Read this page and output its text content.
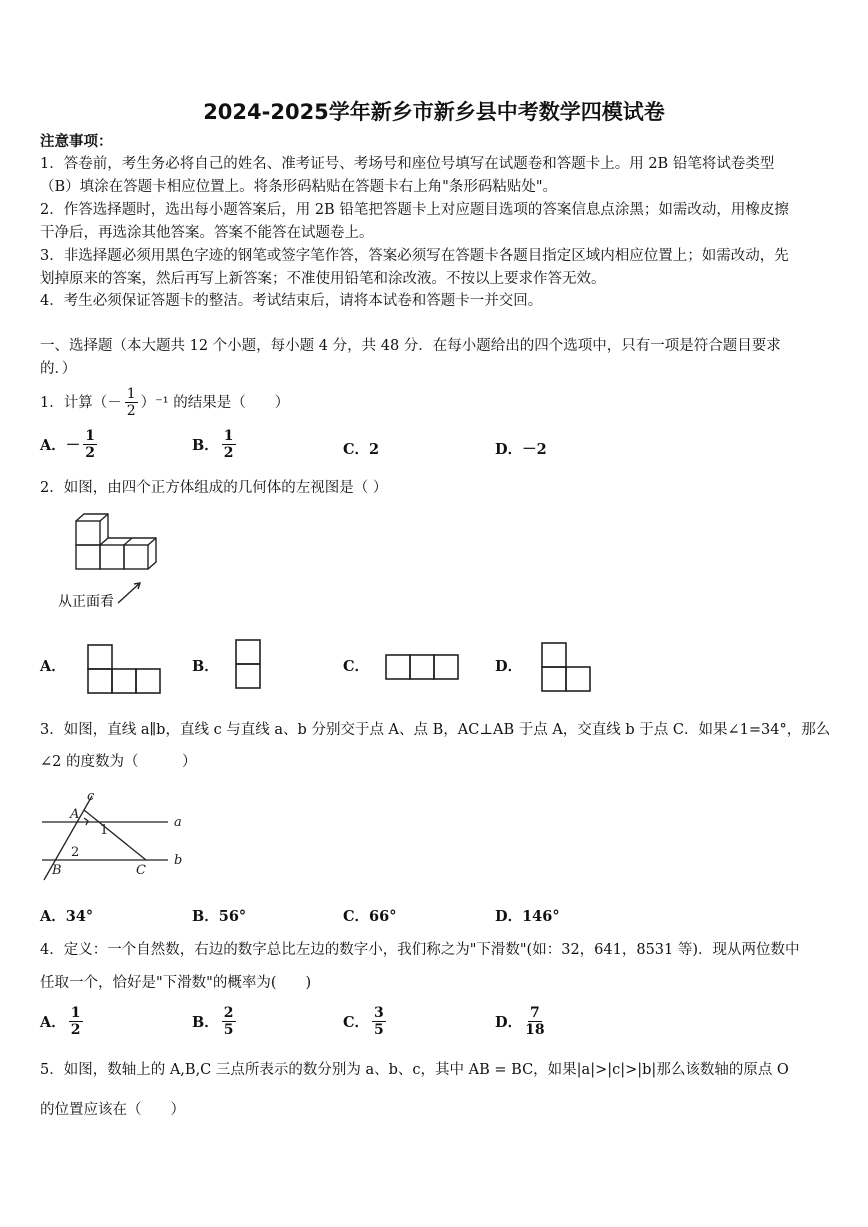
2024-2025学年新乡市新乡县中考数学四模试卷
注意事项：
1．答卷前，考生务必将自己的姓名、准考证号、考场号和座位号填写在试题卷和答题卡上。用 2B 铅笔将试卷类型
（B）填涂在答题卡相应位置上。将条形码粘贴在答题卡右上角"条形码粘贴处"。
2．作答选择题时，选出每小题答案后，用 2B 铅笔把答题卡上对应题目选项的答案信息点涂黑；如需改动，用橡皮擦
干净后，再选涂其他答案。答案不能答在试题卷上。
3．非选择题必须用黑色字迹的钢笔或签字笔作答，答案必须写在答题卡各题目指定区域内相应位置上；如需改动，先
划掉原来的答案，然后再写上新答案；不准使用铅笔和涂改液。不按以上要求作答无效。
4．考生必须保证答题卡的整洁。考试结束后，请将本试卷和答题卡一并交回。
一、选择题（本大题共 12 个小题，每小题 4 分，共 48 分．在每小题给出的四个选项中，只有一项是符合题目要求
的．）
1．计算（－ $\frac{1}{2} )^{-1}$ 的结果是（　　）
A．－ $\frac{1}{2}$	B． $\frac{1}{2}$	C．2	D．－2
2．如图，由四个正方体组成的几何体的左视图是（ ）
从正面看
A．	B．	C．	D．
3．如图，直线 a∥b，直线 c 与直线 a、b 分别交于点 A、点 B，AC⊥AB 于点 A，交直线 b 于点 C．如果∠1=34°，那么
∠2 的度数为（　　　）
c
a
b
A
B	C
1
2
A．34°	B．56°	C．66°	D．146°
4．定义：一个自然数，右边的数字总比左边的数字小，我们称之为"下滑数"(如：32，641，8531 等)．现从两位数中
任取一个，恰好是"下滑数"的概率为(　　)
A． $\frac{1}{2}$	B． $\frac{2}{5}$	C． $\frac{3}{5}$	D． $\frac{7}{18}$
5．如图，数轴上的 A,B,C 三点所表示的数分别为 a、b、c，其中 AB = BC，如果|a|>|c|>|b|那么该数轴的原点 O
的位置应该在（　　）
